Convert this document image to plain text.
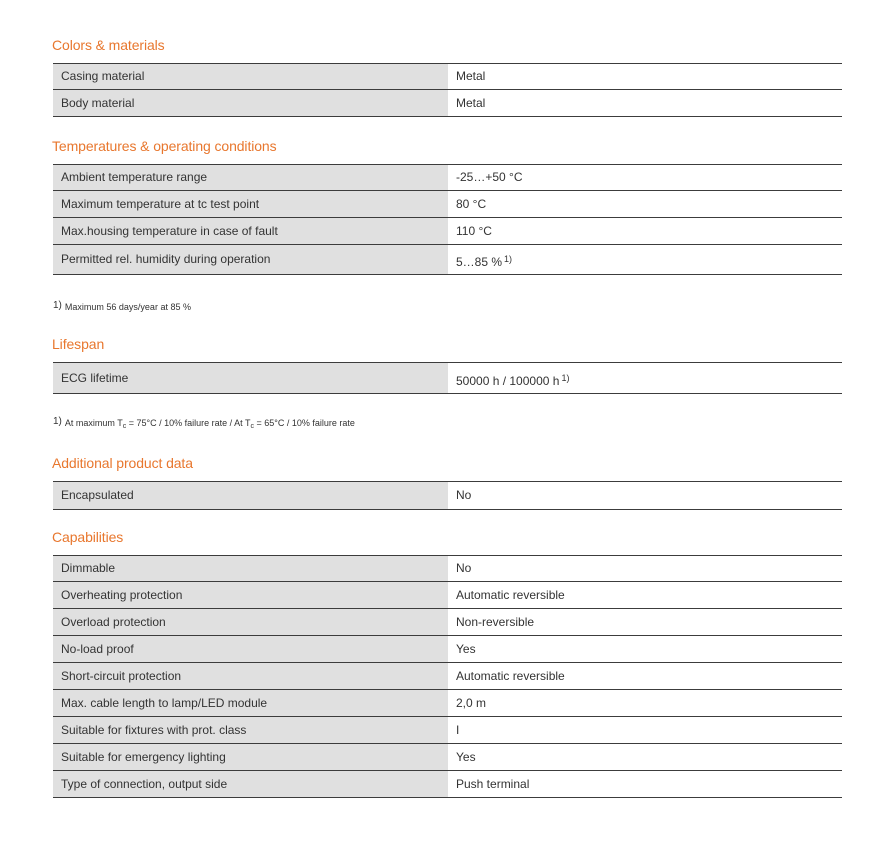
Colors & materials
Casing material	Metal
Body material	Metal
Temperatures & operating conditions
Ambient temperature range	-25…+50 °C
Maximum temperature at tc test point	80 °C
Max.housing temperature in case of fault	110 °C
Permitted rel. humidity during operation	5…85 % $^{1)}$
1) Maximum 56 days/year at 85 %
Lifespan
ECG lifetime	50000 h / 100000 h $^{1)}$
1) At maximum $T_c = 75^\circ C / 10\%$ failure rate / At $T_c = 65^\circ C / 10\%$ failure rate
Additional product data
Encapsulated	No
Capabilities
Dimmable	No
Overheating protection	Automatic reversible
Overload protection	Non-reversible
No-load proof	Yes
Short-circuit protection	Automatic reversible
Max. cable length to lamp/LED module	2,0 m
Suitable for fixtures with prot. class	I
Suitable for emergency lighting	Yes
Type of connection, output side	Push terminal
